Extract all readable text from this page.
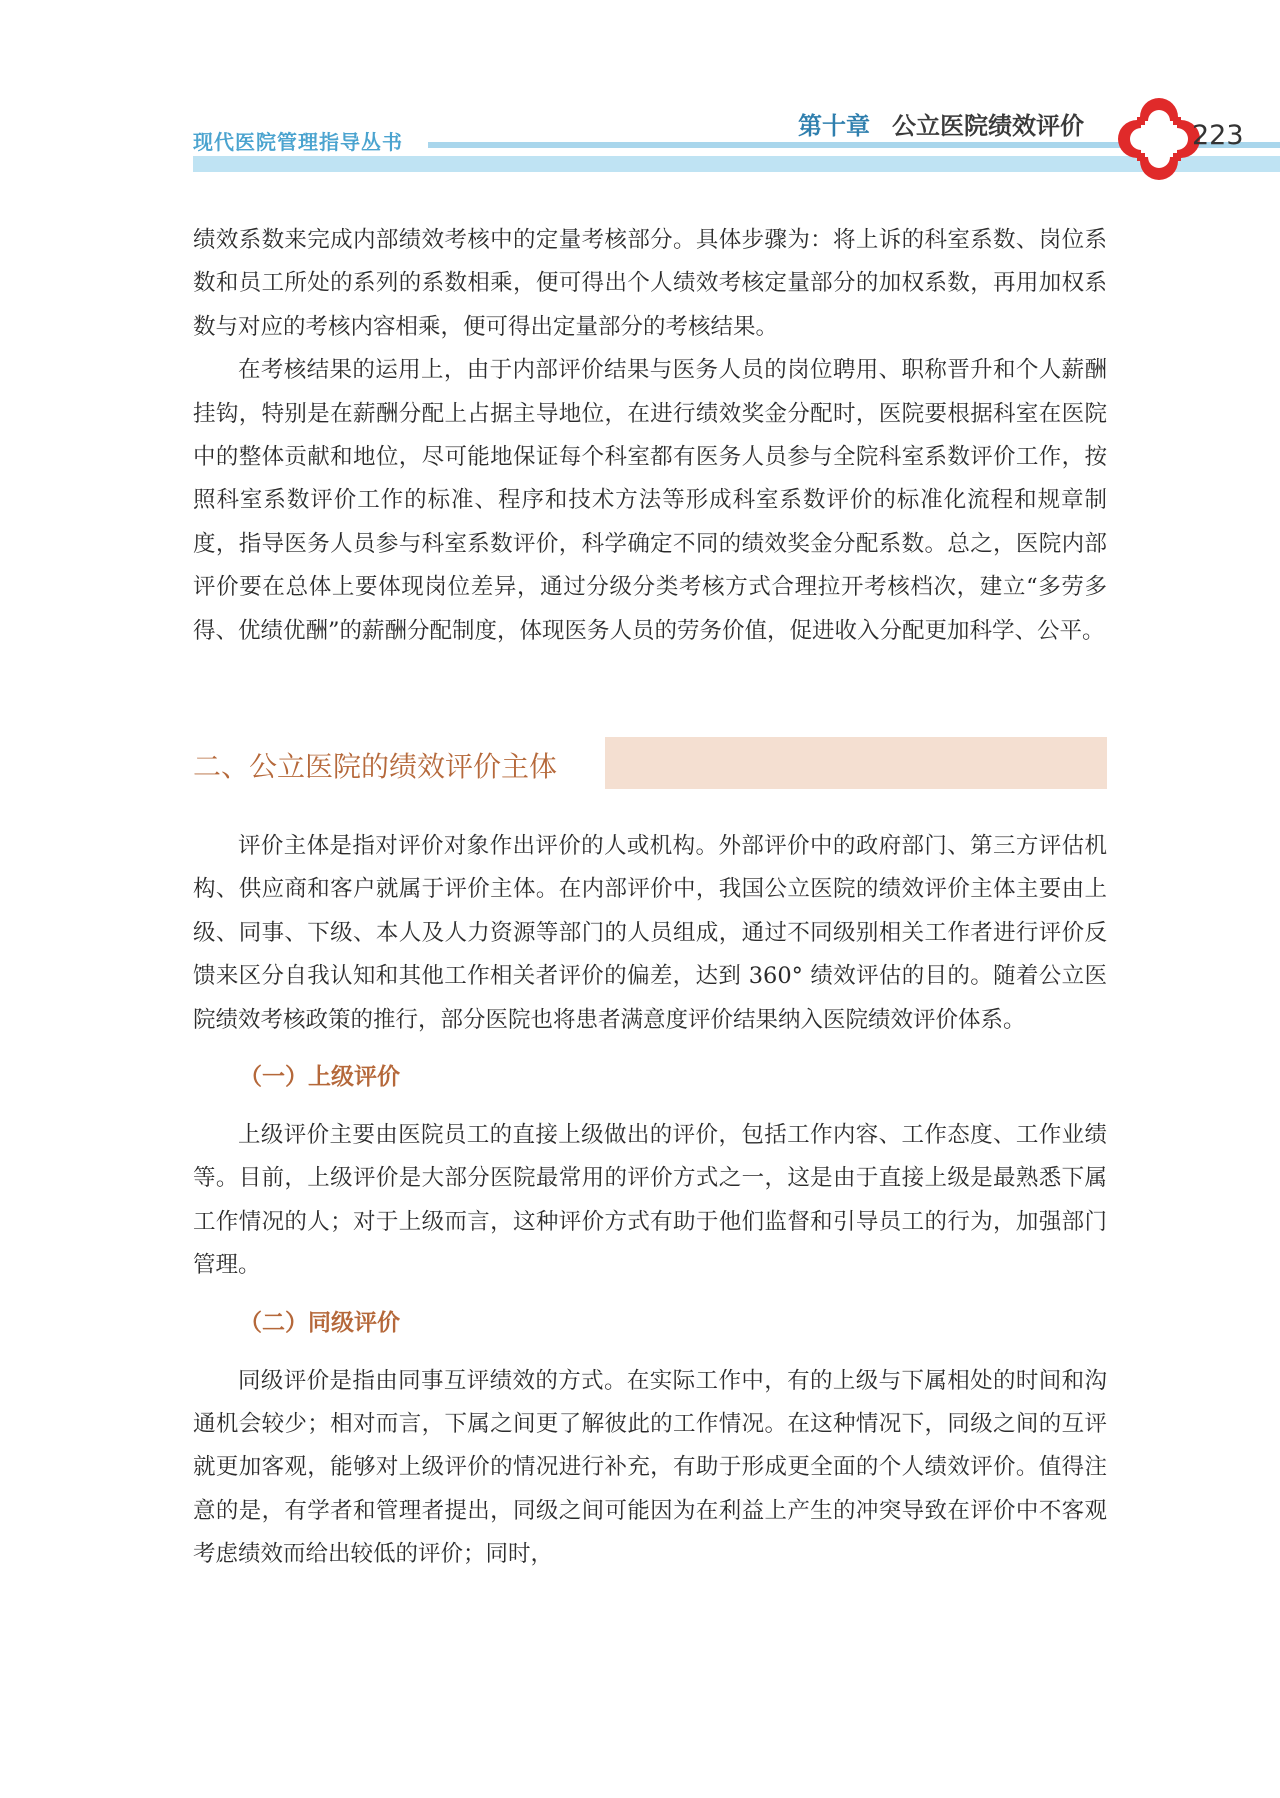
现代医院管理指导丛书
第十章 公立医院绩效评价	223

绩效系数来完成内部绩效考核中的定量考核部分。具体步骤为：将上诉的科室系数、岗位系数和员工所处的系列的系数相乘，便可得出个人绩效考核定量部分的加权系数，再用加权系数与对应的考核内容相乘，便可得出定量部分的考核结果。

在考核结果的运用上，由于内部评价结果与医务人员的岗位聘用、职称晋升和个人薪酬挂钩，特别是在薪酬分配上占据主导地位，在进行绩效奖金分配时，医院要根据科室在医院中的整体贡献和地位，尽可能地保证每个科室都有医务人员参与全院科室系数评价工作，按照科室系数评价工作的标准、程序和技术方法等形成科室系数评价的标准化流程和规章制度，指导医务人员参与科室系数评价，科学确定不同的绩效奖金分配系数。总之，医院内部评价要在总体上要体现岗位差异，通过分级分类考核方式合理拉开考核档次，建立“多劳多得、优绩优酬”的薪酬分配制度，体现医务人员的劳务价值，促进收入分配更加科学、公平。

二、公立医院的绩效评价主体

评价主体是指对评价对象作出评价的人或机构。外部评价中的政府部门、第三方评估机构、供应商和客户就属于评价主体。在内部评价中，我国公立医院的绩效评价主体主要由上级、同事、下级、本人及人力资源等部门的人员组成，通过不同级别相关工作者进行评价反馈来区分自我认知和其他工作相关者评价的偏差，达到 360° 绩效评估的目的。随着公立医院绩效考核政策的推行，部分医院也将患者满意度评价结果纳入医院绩效评价体系。

（一）上级评价

上级评价主要由医院员工的直接上级做出的评价，包括工作内容、工作态度、工作业绩等。目前，上级评价是大部分医院最常用的评价方式之一，这是由于直接上级是最熟悉下属工作情况的人；对于上级而言，这种评价方式有助于他们监督和引导员工的行为，加强部门管理。

（二）同级评价

同级评价是指由同事互评绩效的方式。在实际工作中，有的上级与下属相处的时间和沟通机会较少；相对而言，下属之间更了解彼此的工作情况。在这种情况下，同级之间的互评就更加客观，能够对上级评价的情况进行补充，有助于形成更全面的个人绩效评价。值得注意的是，有学者和管理者提出，同级之间可能因为在利益上产生的冲突导致在评价中不客观考虑绩效而给出较低的评价；同时，
